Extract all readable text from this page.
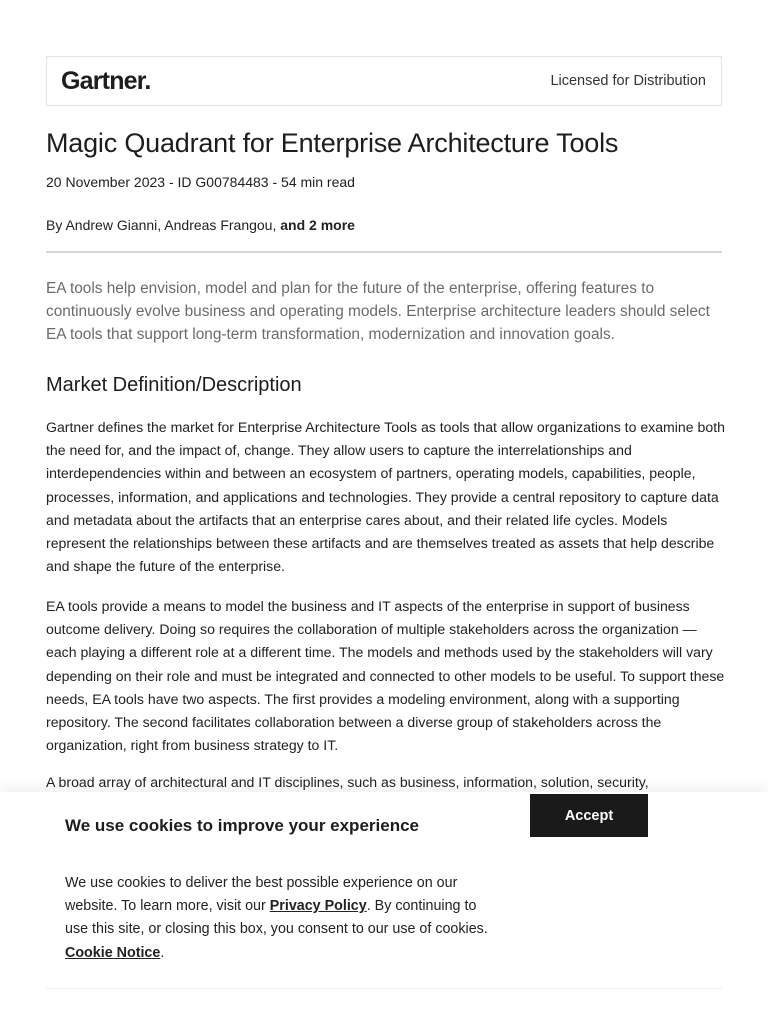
Gartner.	Licensed for Distribution
Magic Quadrant for Enterprise Architecture Tools
20 November 2023 - ID G00784483 - 54 min read
By Andrew Gianni, Andreas Frangou, and 2 more

EA tools help envision, model and plan for the future of the enterprise, offering features to continuously evolve business and operating models. Enterprise architecture leaders should select EA tools that support long-term transformation, modernization and innovation goals.

Market Definition/Description

Gartner defines the market for Enterprise Architecture Tools as tools that allow organizations to examine both the need for, and the impact of, change. They allow users to capture the interrelationships and interdependencies within and between an ecosystem of partners, operating models, capabilities, people, processes, information, and applications and technologies. They provide a central repository to capture data and metadata about the artifacts that an enterprise cares about, and their related life cycles. Models represent the relationships between these artifacts and are themselves treated as assets that help describe and shape the future of the enterprise.

EA tools provide a means to model the business and IT aspects of the enterprise in support of business outcome delivery. Doing so requires the collaboration of multiple stakeholders across the organization — each playing a different role at a different time. The models and methods used by the stakeholders will vary depending on their role and must be integrated and connected to other models to be useful. To support these needs, EA tools have two aspects. The first provides a modeling environment, along with a supporting repository. The second facilitates collaboration between a diverse group of stakeholders across the organization, right from business strategy to IT.

A broad array of architectural and IT disciplines, such as business, information, solution, security,

We use cookies to improve your experience
Accept

We use cookies to deliver the best possible experience on our website. To learn more, visit our Privacy Policy. By continuing to use this site, or closing this box, you consent to our use of cookies. Cookie Notice.
